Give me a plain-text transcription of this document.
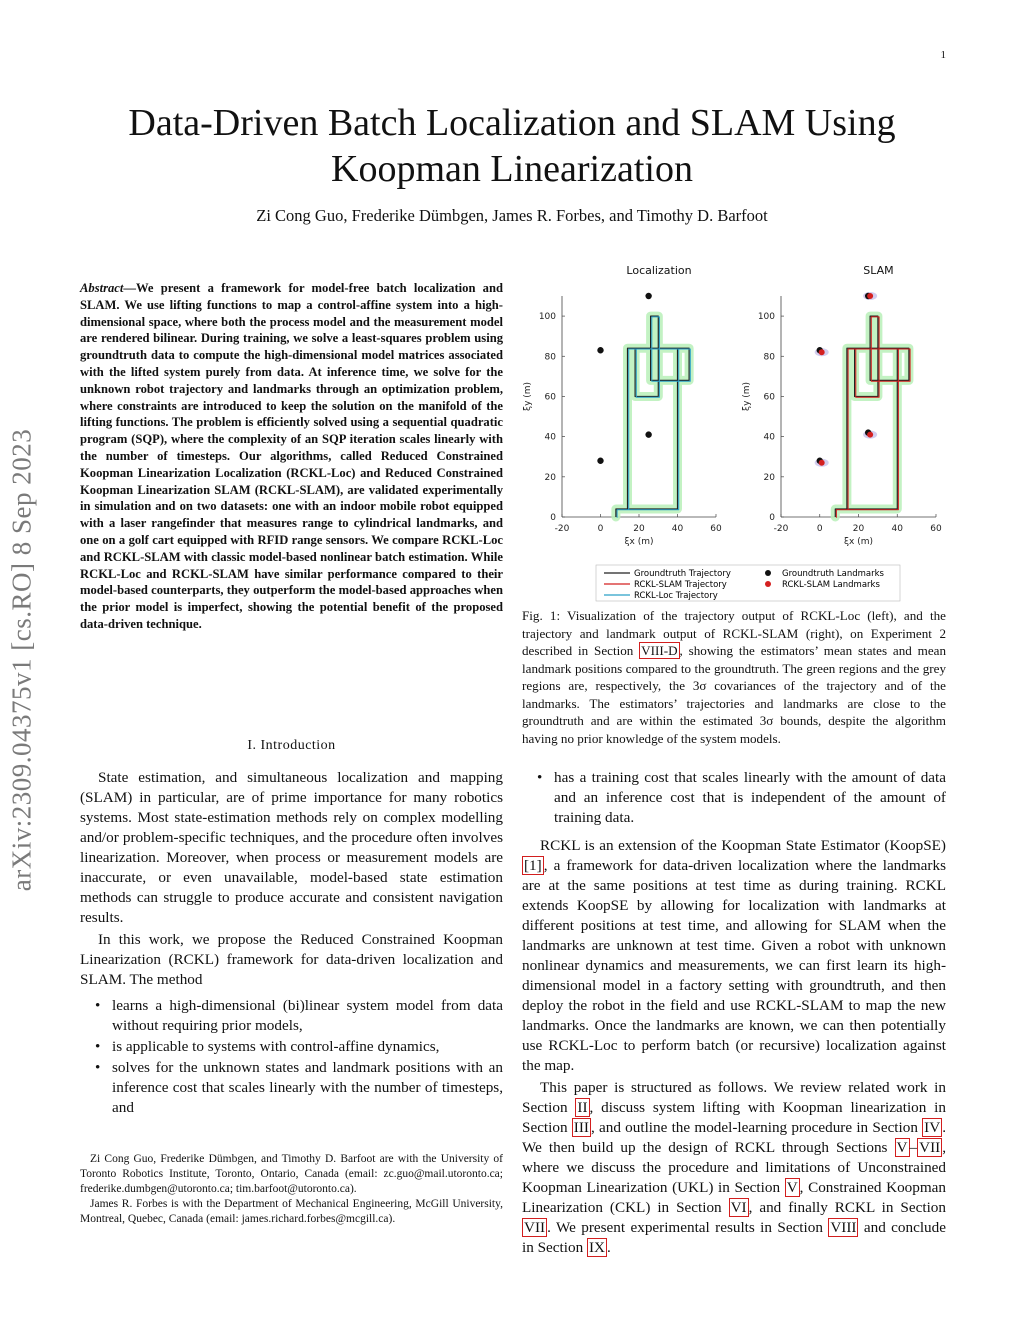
1
Data-Driven Batch Localization and SLAM Using Koopman Linearization
Zi Cong Guo, Frederike Dümbgen, James R. Forbes, and Timothy D. Barfoot
arXiv:2309.04375v1 [cs.RO] 8 Sep 2023
Abstract—We present a framework for model-free batch localization and SLAM. We use lifting functions to map a control-affine system into a high-dimensional space, where both the process model and the measurement model are rendered bilinear. During training, we solve a least-squares problem using groundtruth data to compute the high-dimensional model matrices associated with the lifted system purely from data. At inference time, we solve for the unknown robot trajectory and landmarks through an optimization problem, where constraints are introduced to keep the solution on the manifold of the lifting functions. The problem is efficiently solved using a sequential quadratic program (SQP), where the complexity of an SQP iteration scales linearly with the number of timesteps. Our algorithms, called Reduced Constrained Koopman Linearization Localization (RCKL-Loc) and Reduced Constrained Koopman Linearization SLAM (RCKL-SLAM), are validated experimentally in simulation and on two datasets: one with an indoor mobile robot equipped with a laser rangefinder that measures range to cylindrical landmarks, and one on a golf cart equipped with RFID range sensors. We compare RCKL-Loc and RCKL-SLAM with classic model-based nonlinear batch estimation. While RCKL-Loc and RCKL-SLAM have similar performance compared to their model-based counterparts, they outperform the model-based approaches when the prior model is imperfect, showing the potential benefit of the proposed data-driven technique.
I. Introduction

State estimation, and simultaneous localization and mapping (SLAM) in particular, are of prime importance for many robotics systems. Most state-estimation methods rely on complex modelling and/or problem-specific techniques, and the procedure often involves linearization. Moreover, when process or measurement models are inaccurate, or even unavailable, model-based state estimation methods can struggle to produce accurate and consistent navigation results.

In this work, we propose the Reduced Constrained Koopman Linearization (RCKL) framework for data-driven localization and SLAM. The method

• learns a high-dimensional (bi)linear system model from data without requiring prior models,
• is applicable to systems with control-affine dynamics,
• solves for the unknown states and landmark positions with an inference cost that scales linearly with the number of timesteps, and

Zi Cong Guo, Frederike Dümbgen, and Timothy D. Barfoot are with the University of Toronto Robotics Institute, Toronto, Ontario, Canada (email: zc.guo@mail.utoronto.ca; frederike.dumbgen@utoronto.ca; tim.barfoot@utoronto.ca).

James R. Forbes is with the Department of Mechanical Engineering, McGill University, Montreal, Quebec, Canada (email: james.richard.forbes@mcgill.ca).

0
20
40
60
80
100
-20	0	20	40	60
Localization
ξx (m)
ξy (m)
0
20
40
60
80
100
-20	0	20	40	60
SLAM
ξx (m)
ξy (m)
Groundtruth Trajectory
RCKL-SLAM Trajectory
RCKL-Loc Trajectory
Groundtruth Landmarks
RCKL-SLAM Landmarks
Fig. 1: Visualization of the trajectory output of RCKL-Loc (left), and the trajectory and landmark output of RCKL-SLAM (right), on Experiment 2 described in Section VIII-D , showing the estimators’ mean states and mean landmark positions compared to the groundtruth. The green regions and the grey regions are, respectively, the 3σ covariances of the trajectory and of the landmarks. The estimators’ trajectories and landmarks are close to the groundtruth and are within the estimated 3σ bounds, despite the algorithm having no prior knowledge of the system models.
• has a training cost that scales linearly with the amount of data and an inference cost that is independent of the amount of training data.

RCKL is an extension of the Koopman State Estimator (KoopSE) [1] , a framework for data-driven localization where the landmarks are at the same positions at test time as during training. RCKL extends KoopSE by allowing for localization with landmarks at different positions at test time, and allowing for SLAM when the landmarks are unknown at test time. Given a robot with unknown nonlinear dynamics and measurements, we can first learn its high-dimensional model in a factory setting with groundtruth, and then deploy the robot in the field and use RCKL-SLAM to map the new landmarks. Once the landmarks are known, we can then potentially use RCKL-Loc to perform batch (or recursive) localization against the map.

This paper is structured as follows. We review related work in Section II , discuss system lifting with Koopman linearization in Section III , and outline the model-learning procedure in Section IV . We then build up the design of RCKL through Sections V – VII , where we discuss the procedure and limitations of Unconstrained Koopman Linearization (UKL) in Section V , Constrained Koopman Linearization (CKL) in Section VI , and finally RCKL in Section VII . We present experimental results in Section VIII and conclude in Section IX .
